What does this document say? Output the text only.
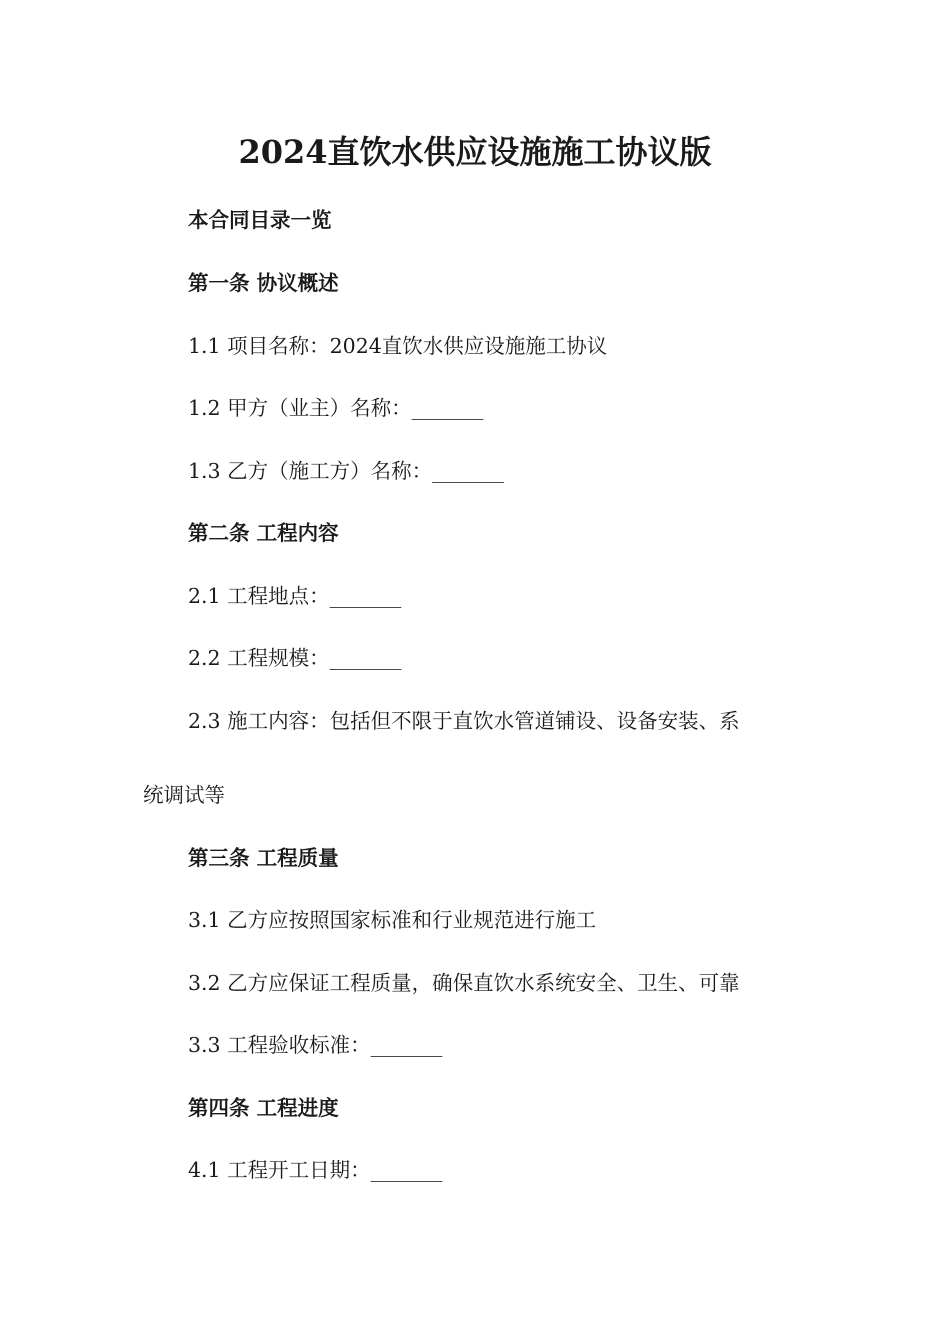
2024直饮水供应设施施工协议版
本合同目录一览
第一条 协议概述
1.1 项目名称：2024直饮水供应设施施工协议
1.2 甲方（业主）名称：_______
1.3 乙方（施工方）名称：_______
第二条 工程内容
2.1 工程地点：_______
2.2 工程规模：_______
2.3 施工内容：包括但不限于直饮水管道铺设、设备安装、系
统调试等
第三条 工程质量
3.1 乙方应按照国家标准和行业规范进行施工
3.2 乙方应保证工程质量，确保直饮水系统安全、卫生、可靠
3.3 工程验收标准：_______
第四条 工程进度
4.1 工程开工日期：_______
